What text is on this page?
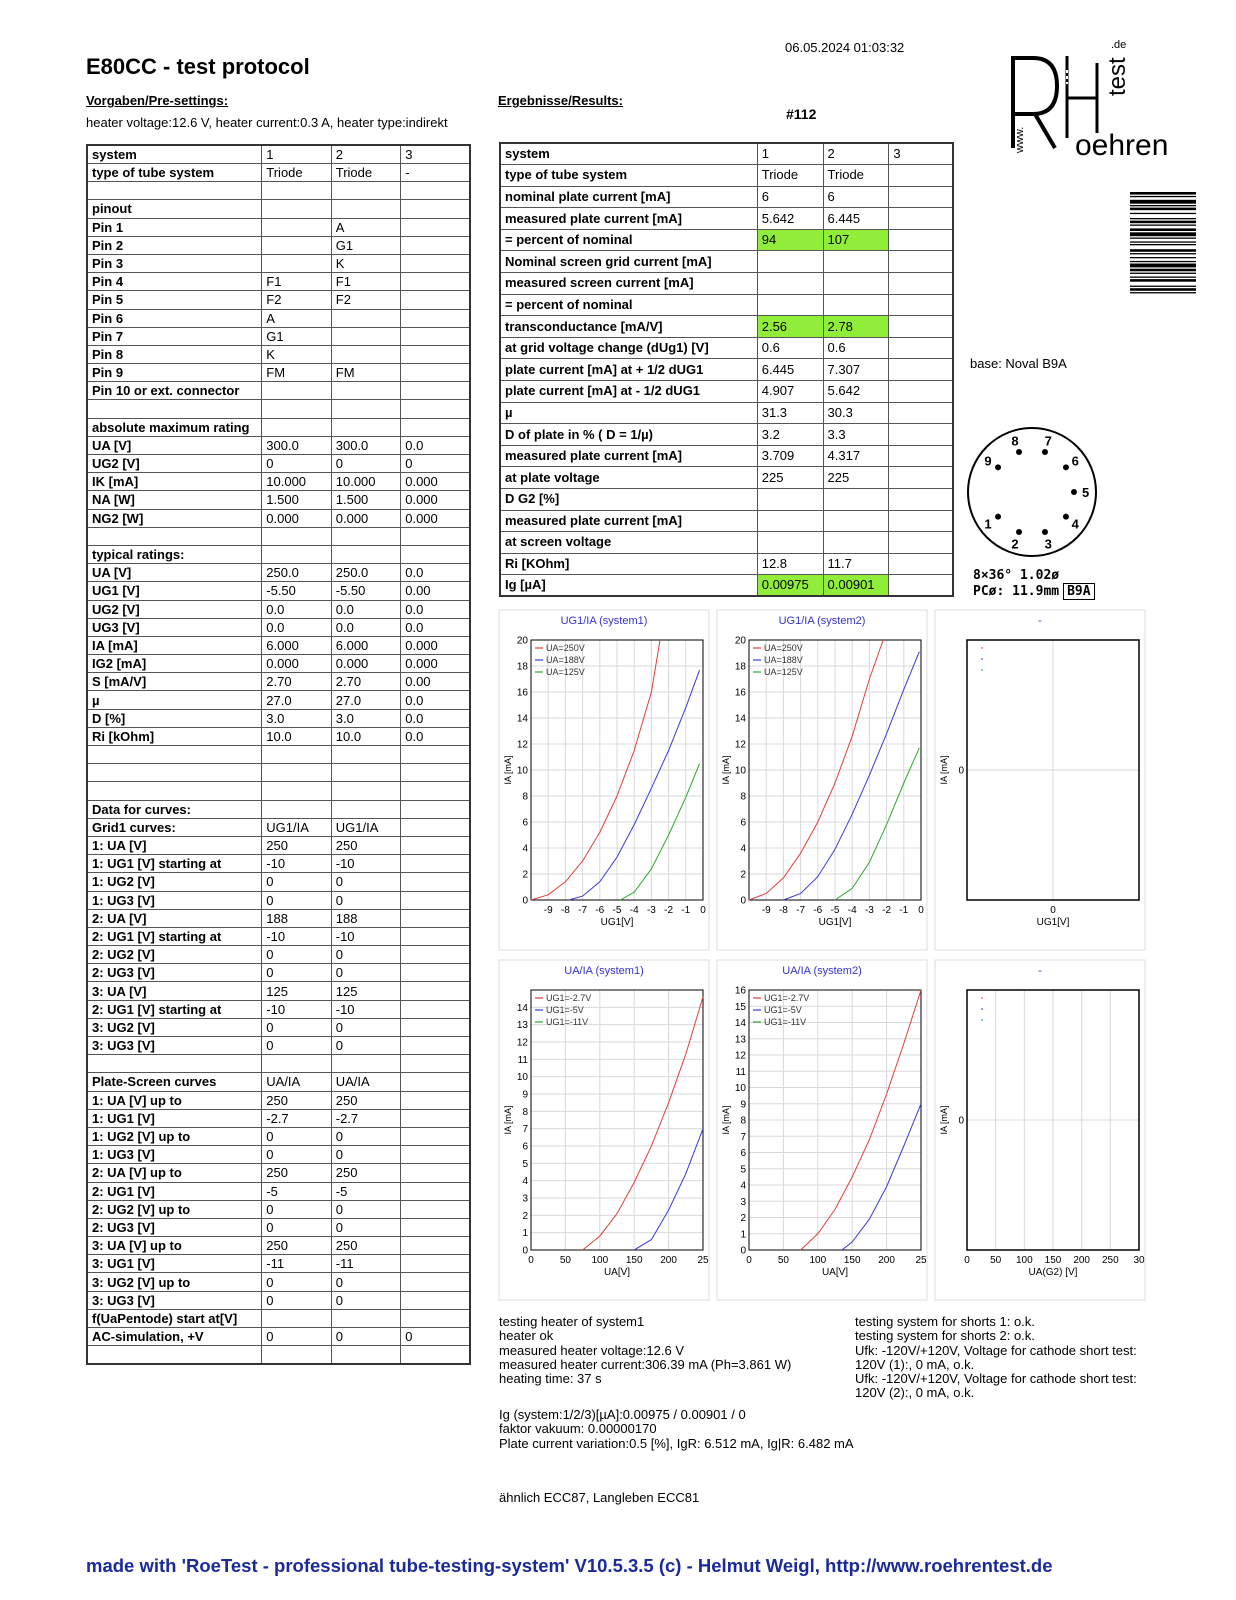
E80CC - test protocol
06.05.2024 01:03:32
Vorgaben/Pre-settings:	Ergebnisse/Results:
heater voltage:12.6 V, heater current:0.3 A, heater type:indirekt
#112
system	1	2	3
type of tube system	Triode	Triode	-

pinout			
Pin 1		A	
Pin 2		G1	
Pin 3		K	
Pin 4	F1	F1	
Pin 5	F2	F2	
Pin 6	A		
Pin 7	G1		
Pin 8	K		
Pin 9	FM	FM	
Pin 10 or ext. connector			

absolute maximum rating			
UA [V]	300.0	300.0	0.0
UG2 [V]	0	0	0
IK [mA]	10.000	10.000	0.000
NA [W]	1.500	1.500	0.000
NG2 [W]	0.000	0.000	0.000

typical ratings:			
UA [V]	250.0	250.0	0.0
UG1 [V]	-5.50	-5.50	0.00
UG2 [V]	0.0	0.0	0.0
UG3 [V]	0.0	0.0	0.0
IA [mA]	6.000	6.000	0.000
IG2 [mA]	0.000	0.000	0.000
S [mA/V]	2.70	2.70	0.00
µ	27.0	27.0	0.0
D [%]	3.0	3.0	0.0
Ri [kOhm]	10.0	10.0	0.0

Data for curves:			
Grid1 curves:	UG1/IA	UG1/IA	
1: UA [V]	250	250	
1: UG1 [V] starting at	-10	-10	
1: UG2 [V]	0	0	
1: UG3 [V]	0	0	
2: UA [V]	188	188	
2: UG1 [V] starting at	-10	-10	
2: UG2 [V]	0	0	
2: UG3 [V]	0	0	
3: UA [V]	125	125	
2: UG1 [V] starting at	-10	-10	
3: UG2 [V]	0	0	
3: UG3 [V]	0	0	

Plate-Screen curves	UA/IA	UA/IA	
1: UA [V] up to	250	250	
1: UG1 [V]	-2.7	-2.7	
1: UG2 [V] up to	0	0	
1: UG3 [V]	0	0	
2: UA [V] up to	250	250	
2: UG1 [V]	-5	-5	
2: UG2 [V] up to	0	0	
2: UG3 [V]	0	0	
3: UA [V] up to	250	250	
3: UG1 [V]	-11	-11	
3: UG2 [V] up to	0	0	
3: UG3 [V]	0	0	
f(UaPentode) start at[V]			
AC-simulation, +V	0	0	0

system	1	2	3
type of tube system	Triode	Triode	
nominal plate current [mA]	6	6	
measured plate current [mA]	5.642	6.445	
= percent of nominal	94	107	
Nominal screen grid current [mA]			
measured screen current [mA]			
= percent of nominal			
transconductance [mA/V]	2.56	2.78	
at grid voltage change (dUg1) [V]	0.6	0.6	
plate current [mA] at + 1/2 dUG1	6.445	7.307	
plate current [mA] at - 1/2 dUG1	4.907	5.642	
µ	31.3	30.3	
D of plate in % ( D = 1/µ)	3.2	3.3	
measured plate current [mA]	3.709	4.317	
at plate voltage	225	225	
D G2 [%]			
measured plate current [mA]			
at screen voltage			
Ri [KOhm]	12.8	11.7	
Ig [µA]	0.00975	0.00901	
oehren
www.
test
.de
base: Noval B9A
1
2 3
4
5
6
7
8
9
8×36° 1.02ø
PCø: 11.9mm B9A
UG1/IA (system1)
-9 -8 -7 -6 -5 -4 -3 -2 -1 0
0
2
4
6
8
10
12
14
16
18
20
UG1[V]
IA [mA]
UA=250V
UA=188V
UA=125V
UG1/IA (system2)
-9 -8 -7 -6 -5 -4 -3 -2 -1 0
0
2
4
6
8
10
12
14
16
18
20
UG1[V]
IA [mA]
UA=250V
UA=188V
UA=125V
-
0
0
UG1[V]
IA [mA]
UA/IA (system1)
0	50 100 150 200 25
0
1
2
3
4
5
6
7
8
9
10
11
12
13
14
UA[V]
IA [mA]
UG1=-2.7V
UG1=-5V
UG1=-11V
UA/IA (system2)
0	50 100 150 200 25
0
1
2
3
4
5
6
7
8
9
10
11
12
13
14
15
16
UA[V]
IA [mA]
UG1=-2.7V
UG1=-5V
UG1=-11V
-
0 50 100 150 200 250 30
0
UA(G2) [V]
IA [mA]
testing heater of system1
heater ok
measured heater voltage:12.6 V
measured heater current:306.39 mA (Ph=3.861 W)
heating time: 37 s
testing system for shorts 1: o.k.
testing system for shorts 2: o.k.
Ufk: -120V/+120V, Voltage for cathode short test:
120V (1):, 0 mA, o.k.
Ufk: -120V/+120V, Voltage for cathode short test:
120V (2):, 0 mA, o.k.
Ig (system:1/2/3)[µA]:0.00975 / 0.00901 / 0
faktor vakuum: 0.00000170
Plate current variation:0.5 [%], IgR: 6.512 mA, Ig|R: 6.482 mA
ähnlich ECC87, Langleben ECC81
made with 'RoeTest - professional tube-testing-system' V10.5.3.5 (c) - Helmut Weigl, http://www.roehrentest.de
